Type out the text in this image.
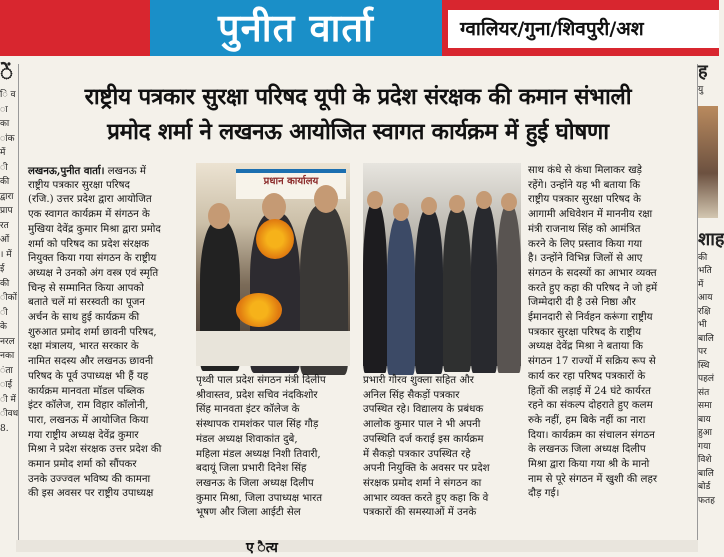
पुनीत वार्ता	ग्वालियर/गुना/शिवपुरी/अश
ें
ि व
ा का
ांक
में
ी की
द्वारा
प्राप
रत
ओं
। में
ई की
ीकों
ी के
नरल
नका
ंता
ाई
ी में
ीवध
8.
राष्ट्रीय पत्रकार सुरक्षा परिषद यूपी के प्रदेश संरक्षक की कमान संभाली
प्रमोद शर्मा ने लखनऊ आयोजित स्वागत कार्यक्रम में हुई घोषणा
लखनऊ,पुनीत वार्ता। लखनऊ में
प्रधान कार्यालय
राष्ट्रीय पत्रकार सुरक्षा परिषद
(रजि.) उत्तर प्रदेश द्वारा आयोजित
एक स्वागत कार्यक्रम में संगठन के
मुखिया देवेंद्र कुमार मिश्रा द्वारा प्रमोद
शर्मा को परिषद का प्रदेश संरक्षक
नियुक्त किया गया संगठन के राष्ट्रीय
अध्यक्ष ने उनको अंग वस्त्र एवं स्मृति
चिन्ह से सम्मानित किया आपको
बताते चलें मां सरस्वती का पूजन
अर्चन के साथ हुई कार्यक्रम की
शुरुआत प्रमोद शर्मा छावनी परिषद,
रक्षा मंत्रालय, भारत सरकार के
नामित सदस्य और लखनऊ छावनी
परिषद के पूर्व उपाध्यक्ष भी हैं यह
कार्यक्रम मानवता मॉडल पब्लिक
इंटर कॉलेज, राम विहार कॉलोनी,
पारा, लखनऊ में आयोजित किया
गया राष्ट्रीय अध्यक्ष देवेंद्र कुमार
मिश्रा ने प्रदेश संरक्षक उत्तर प्रदेश की
कमान प्रमोद शर्मा को सौंपकर
उनके उज्ज्वल भविष्य की कामना
की इस अवसर पर राष्ट्रीय उपाध्यक्ष
पृथ्वी पाल प्रदेश संगठन मंत्री दिलीप
श्रीवास्तव, प्रदेश सचिव नंदकिशोर
सिंह मानवता इंटर कॉलेज के
संस्थापक रामशंकर पाल सिंह गौड़
मंडल अध्यक्ष शिवाकांत दुबे,
महिला मंडल अध्यक्ष निशी तिवारी,
बदायूं जिला प्रभारी दिनेश सिंह
लखनऊ के जिला अध्यक्ष दिलीप
कुमार मिश्रा, जिला उपाध्यक्ष भारत
भूषण और जिला आईटी सेल
प्रभारी गौरव शुक्ला सहित और
अनिल सिंह सैकड़ों पत्रकार
उपस्थित रहे। विद्यालय के प्रबंधक
आलोक कुमार पाल ने भी अपनी
उपस्थिति दर्ज कराई इस कार्यक्रम
में सैकड़ो पत्रकार उपस्थित रहे
अपनी नियुक्ति के अवसर पर प्रदेश
संरक्षक प्रमोद शर्मा ने संगठन का
आभार व्यक्त करते हुए कहा कि वे
पत्रकारों की समस्याओं में उनके
साथ कंधे से कंधा मिलाकर खड़े
रहेंगे। उन्होंने यह भी बताया कि
राष्ट्रीय पत्रकार सुरक्षा परिषद के
आगामी अधिवेशन में माननीय रक्षा
मंत्री राजनाथ सिंह को आमंत्रित
करने के लिए प्रस्ताव किया गया
है। उन्होंने विभिन्न जिलों से आए
संगठन के सदस्यों का आभार व्यक्त
करते हुए कहा की परिषद ने जो हमें
जिम्मेदारी दी है उसे निष्ठा और
ईमानदारी से निर्वहन करूंगा राष्ट्रीय
पत्रकार सुरक्षा परिषद के राष्ट्रीय
अध्यक्ष देवेंद्र मिश्रा ने बताया कि
संगठन 17 राज्यों में सक्रिय रूप से
कार्य कर रहा परिषद पत्रकारों के
हितों की लड़ाई में 24 घंटे कार्यरत
रहने का संकल्प दोहराते हुए कलम
रुके नहीं, हम बिके नहीं का नारा
दिया। कार्यक्रम का संचालन संगठन
के लखनऊ जिला अध्यक्ष दिलीप
मिश्रा द्वारा किया गया श्री के मानो
नाम से पूरे संगठन में खुशी की लहर
दौड़ गई।
ह
यु
शाह
की
भति
में
आय
रक्षि
भी
बालि
पर
स्थि
पहलं
संत
समा
बाय
हुआ
गया
विशे
बालि
बोर्ड
फतह
ए ैत्य
